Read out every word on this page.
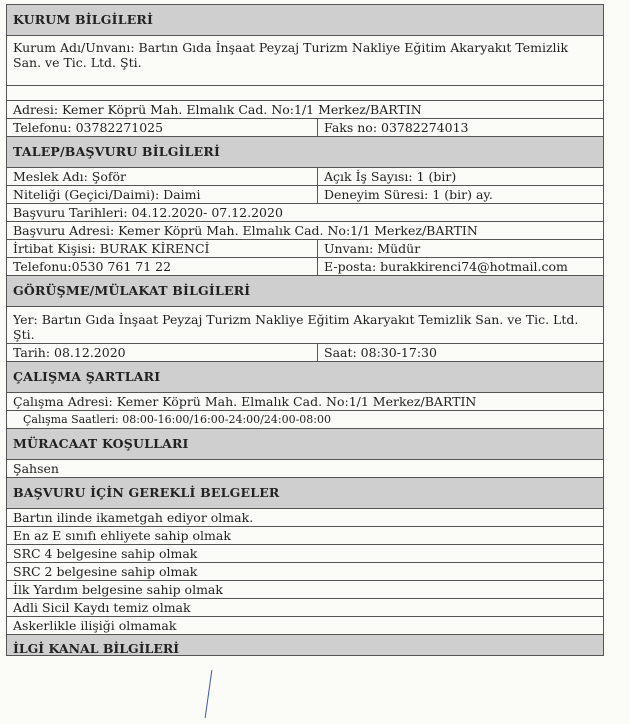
KURUM BİLGİLERİ
Kurum Adı/Unvanı: Bartın Gıda İnşaat Peyzaj Turizm Nakliye Eğitim Akaryakıt Temizlik San. ve Tic. Ltd. Şti.
Adresi: Kemer Köprü Mah. Elmalık Cad. No:1/1 Merkez/BARTIN
Telefonu: 03782271025	Faks no: 03782274013
TALEP/BAŞVURU BİLGİLERİ
Meslek Adı: Şoför	Açık İş Sayısı: 1 (bir)
Niteliği (Geçici/Daimi): Daimi	Deneyim Süresi: 1 (bir) ay.
Başvuru Tarihleri: 04.12.2020- 07.12.2020
Başvuru Adresi: Kemer Köprü Mah. Elmalık Cad. No:1/1 Merkez/BARTIN
İrtibat Kişisi: BURAK KİRENCİ	Unvanı: Müdür
Telefonu:0530 761 71 22	E-posta: burakkirenci74@hotmail.com
GÖRÜŞME/MÜLAKAT BİLGİLERİ
Yer: Bartın Gıda İnşaat Peyzaj Turizm Nakliye Eğitim Akaryakıt Temizlik San. ve Tic. Ltd. Şti.
Tarih: 08.12.2020	Saat: 08:30-17:30
ÇALIŞMA ŞARTLARI
Çalışma Adresi: Kemer Köprü Mah. Elmalık Cad. No:1/1 Merkez/BARTIN
Çalışma Saatleri: 08:00-16:00/16:00-24:00/24:00-08:00
MÜRACAAT KOŞULLARI
Şahsen
BAŞVURU İÇİN GEREKLİ BELGELER
Bartın ilinde ikametgah ediyor olmak.
En az E sınıfı ehliyete sahip olmak
SRC 4 belgesine sahip olmak
SRC 2 belgesine sahip olmak
İlk Yardım belgesine sahip olmak
Adli Sicil Kaydı temiz olmak
Askerlikle ilişiği olmamak
İLGİ KANAL BİLGİLERİ
